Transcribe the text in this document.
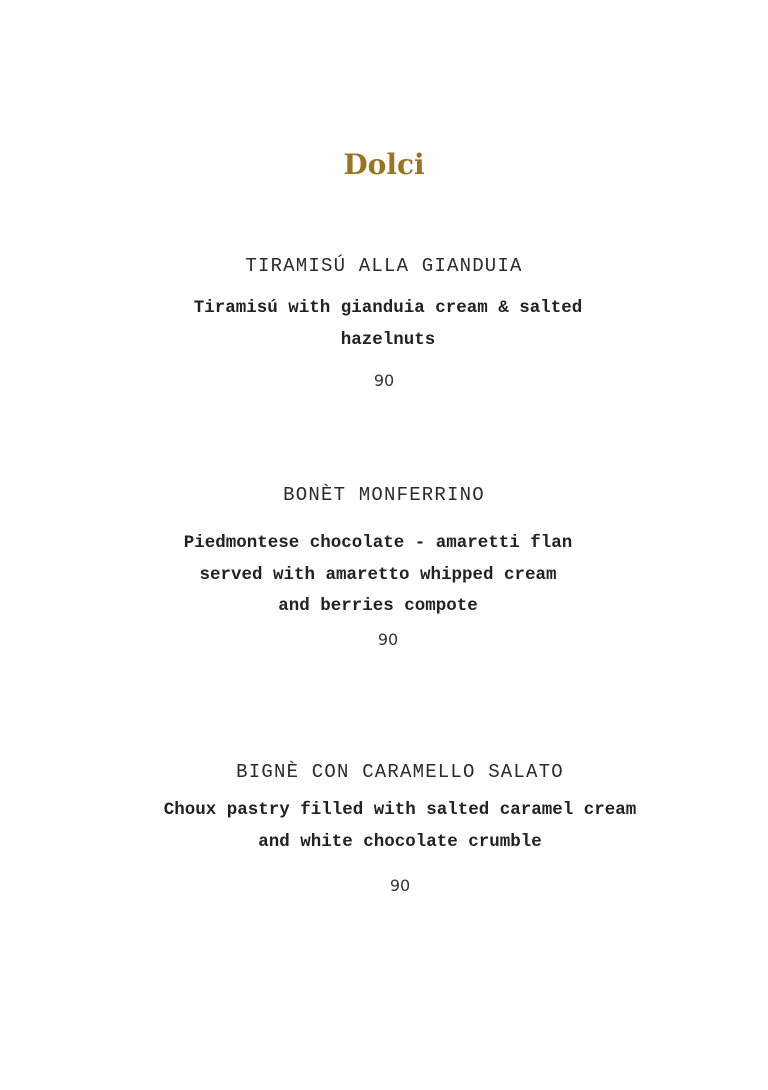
Dolci
TIRAMISÚ ALLA GIANDUIA
Tiramisú with gianduia cream & salted
hazelnuts
90
BONÈT MONFERRINO
Piedmontese chocolate - amaretti flan
served with amaretto whipped cream
and berries compote
90
BIGNÈ CON CARAMELLO SALATO
Choux pastry filled with salted caramel cream
and white chocolate crumble
90
